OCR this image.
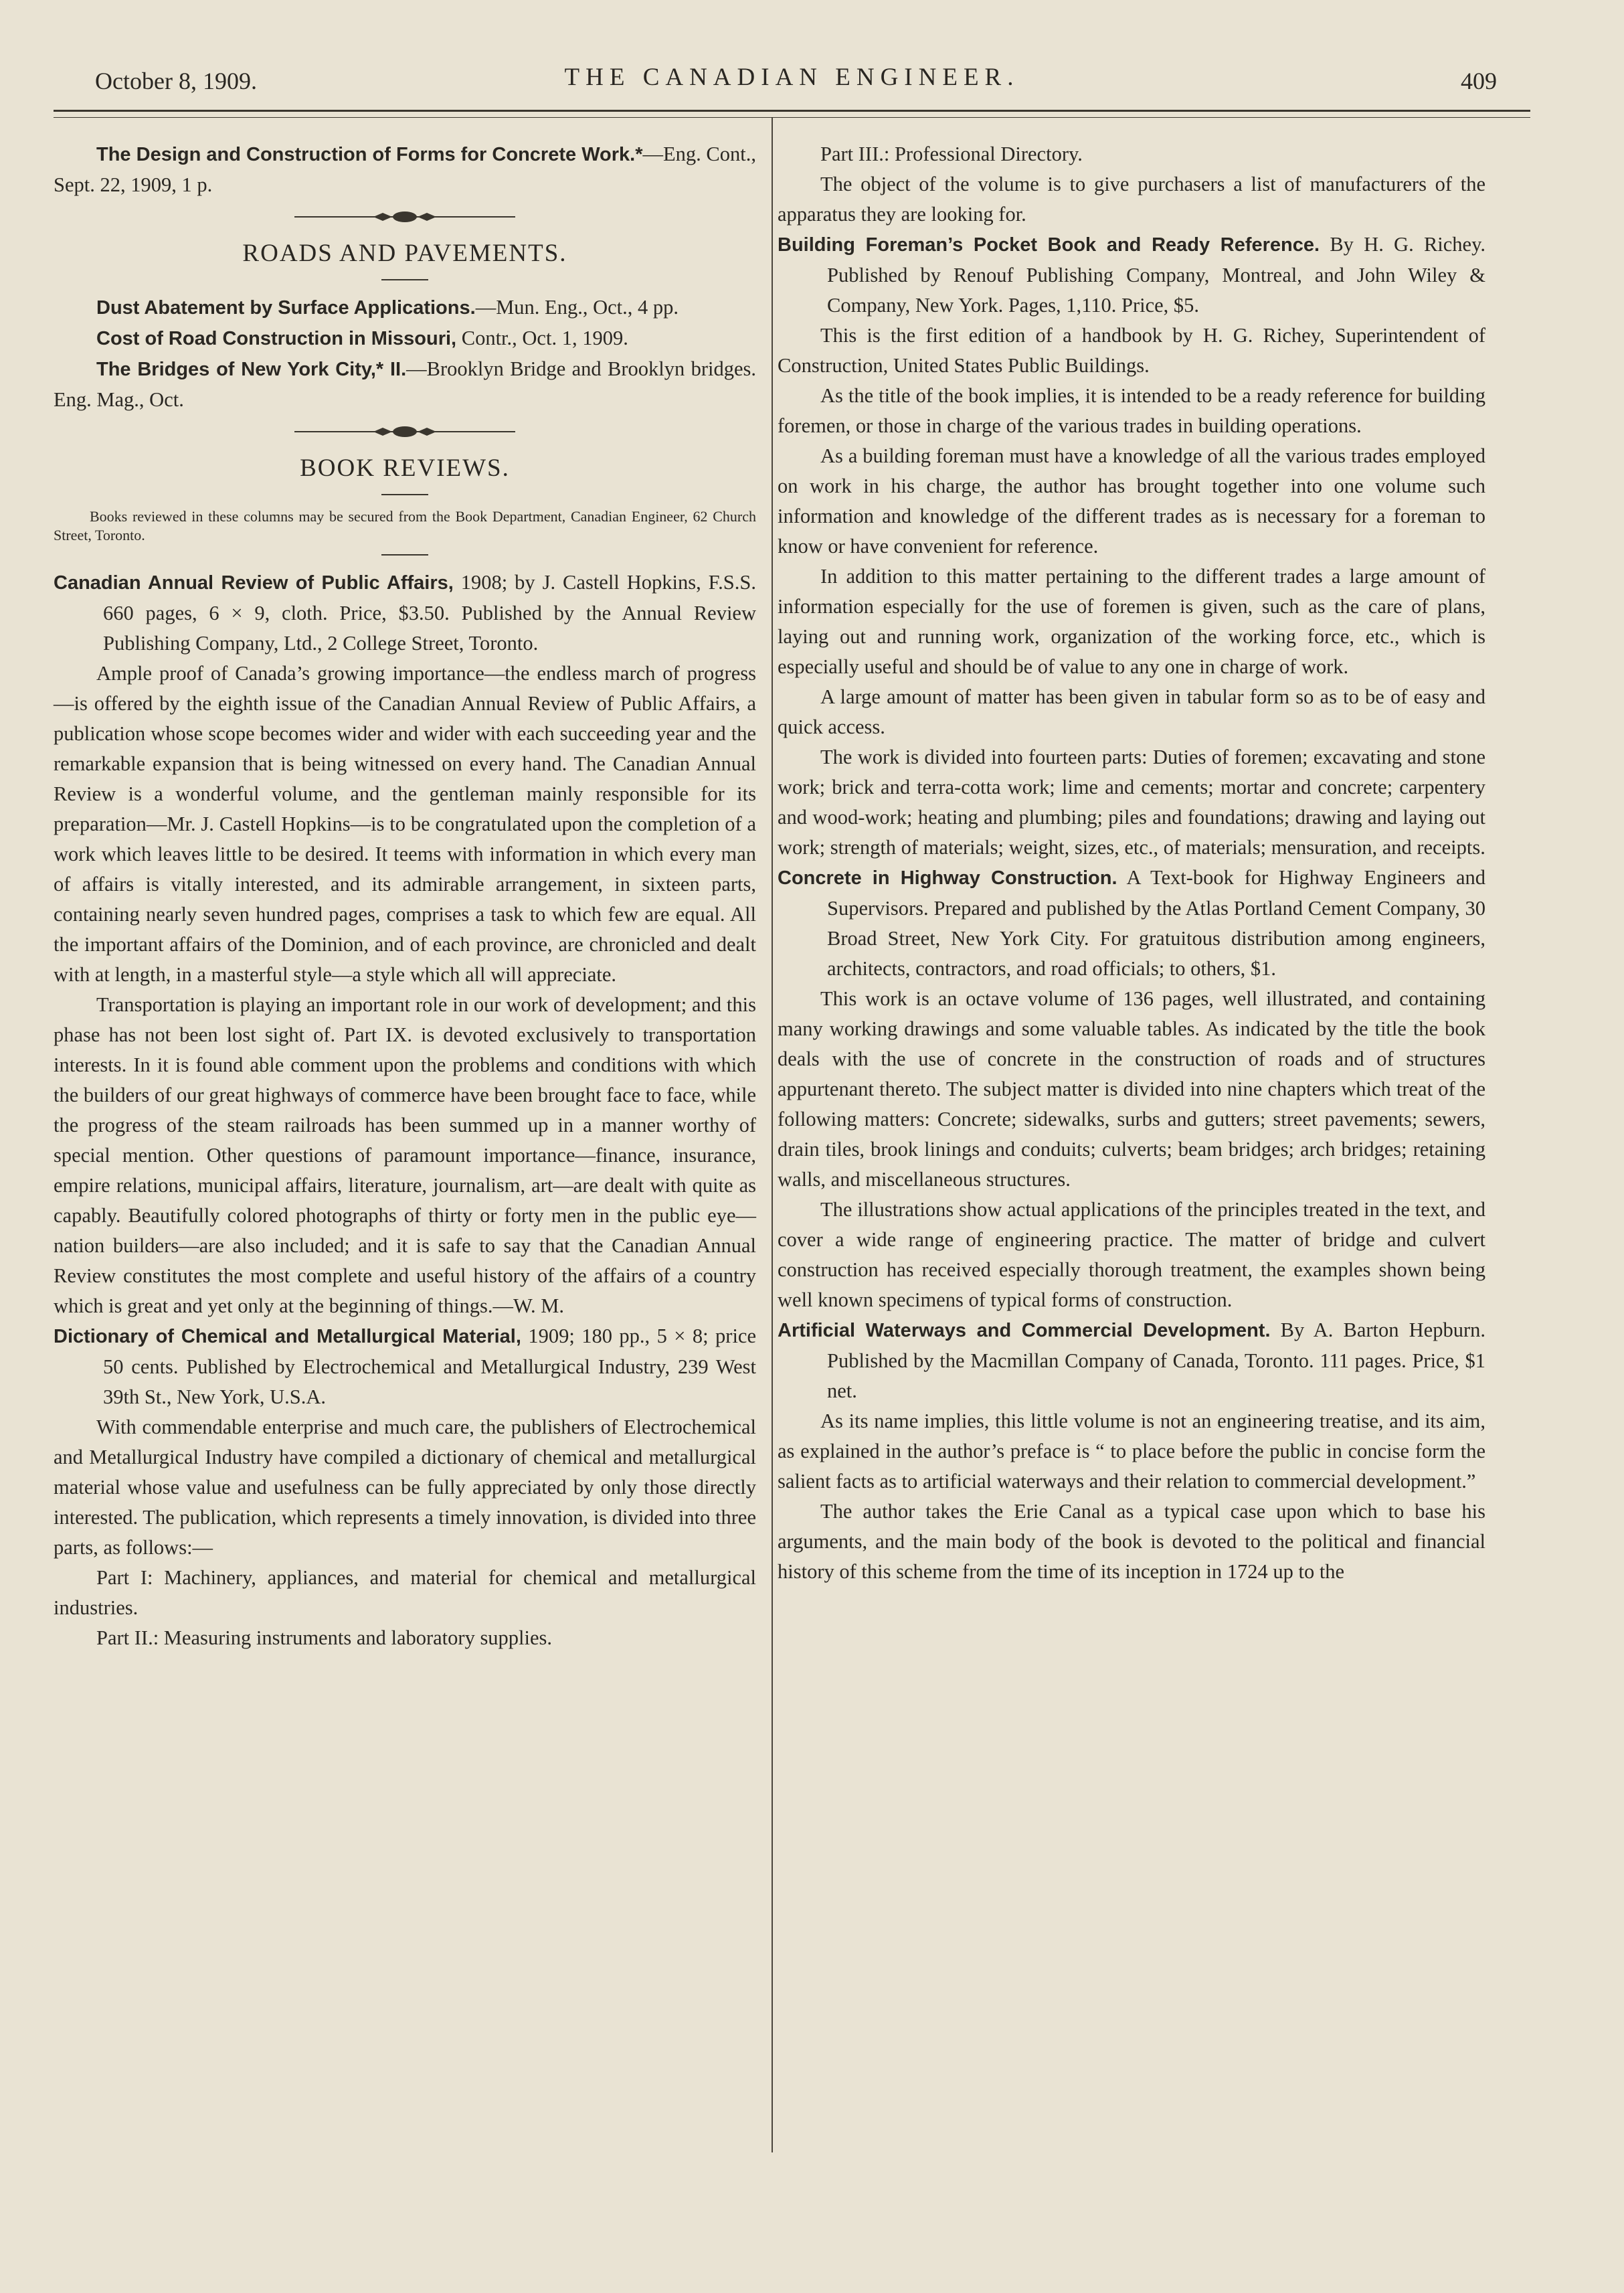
October 8, 1909.	THE CANADIAN ENGINEER.	409

The Design and Construction of Forms for Concrete Work.*—Eng. Cont., Sept. 22, 1909, 1 p.

ROADS AND PAVEMENTS.

Dust Abatement by Surface Applications.—Mun. Eng., Oct., 4 pp.

Cost of Road Construction in Missouri, Contr., Oct. 1, 1909.

The Bridges of New York City,* II.—Brooklyn Bridge and Brooklyn bridges. Eng. Mag., Oct.

BOOK REVIEWS.

Books reviewed in these columns may be secured from the Book Department, Canadian Engineer, 62 Church Street, Toronto.

Canadian Annual Review of Public Affairs, 1908; by J. Castell Hopkins, F.S.S. 660 pages, 6 × 9, cloth. Price, $3.50. Published by the Annual Review Publishing Company, Ltd., 2 College Street, Toronto.

Ample proof of Canada’s growing importance—the endless march of progress—is offered by the eighth issue of the Canadian Annual Review of Public Affairs, a publication whose scope becomes wider and wider with each succeeding year and the remarkable expansion that is being witnessed on every hand. The Canadian Annual Review is a wonderful volume, and the gentleman mainly responsible for its preparation—Mr. J. Castell Hopkins—is to be congratulated upon the completion of a work which leaves little to be desired. It teems with information in which every man of affairs is vitally interested, and its admirable arrangement, in sixteen parts, containing nearly seven hundred pages, comprises a task to which few are equal. All the important affairs of the Dominion, and of each province, are chronicled and dealt with at length, in a masterful style—a style which all will appreciate.

Transportation is playing an important role in our work of development; and this phase has not been lost sight of. Part IX. is devoted exclusively to transportation interests. In it is found able comment upon the problems and conditions with which the builders of our great highways of commerce have been brought face to face, while the progress of the steam railroads has been summed up in a manner worthy of special mention. Other questions of paramount importance—finance, insurance, empire relations, municipal affairs, literature, journalism, art—are dealt with quite as capably. Beautifully colored photographs of thirty or forty men in the public eye—nation builders—are also included; and it is safe to say that the Canadian Annual Review constitutes the most complete and useful history of the affairs of a country which is great and yet only at the beginning of things.—W. M.

Dictionary of Chemical and Metallurgical Material, 1909; 180 pp., 5 × 8; price 50 cents. Published by Electrochemical and Metallurgical Industry, 239 West 39th St., New York, U.S.A.

With commendable enterprise and much care, the publishers of Electrochemical and Metallurgical Industry have compiled a dictionary of chemical and metallurgical material whose value and usefulness can be fully appreciated by only those directly interested. The publication, which represents a timely innovation, is divided into three parts, as follows:—

Part I: Machinery, appliances, and material for chemical and metallurgical industries.

Part II.: Measuring instruments and laboratory supplies.

Part III.: Professional Directory.

The object of the volume is to give purchasers a list of manufacturers of the apparatus they are looking for.

Building Foreman’s Pocket Book and Ready Reference. By H. G. Richey. Published by Renouf Publishing Company, Montreal, and John Wiley & Company, New York. Pages, 1,110. Price, $5.

This is the first edition of a handbook by H. G. Richey, Superintendent of Construction, United States Public Buildings.

As the title of the book implies, it is intended to be a ready reference for building foremen, or those in charge of the various trades in building operations.

As a building foreman must have a knowledge of all the various trades employed on work in his charge, the author has brought together into one volume such information and knowledge of the different trades as is necessary for a foreman to know or have convenient for reference.

In addition to this matter pertaining to the different trades a large amount of information especially for the use of foremen is given, such as the care of plans, laying out and running work, organization of the working force, etc., which is especially useful and should be of value to any one in charge of work.

A large amount of matter has been given in tabular form so as to be of easy and quick access.

The work is divided into fourteen parts: Duties of foremen; excavating and stone work; brick and terra-cotta work; lime and cements; mortar and concrete; carpentery and wood-work; heating and plumbing; piles and foundations; drawing and laying out work; strength of materials; weight, sizes, etc., of materials; mensuration, and receipts.

Concrete in Highway Construction. A Text-book for Highway Engineers and Supervisors. Prepared and published by the Atlas Portland Cement Company, 30 Broad Street, New York City. For gratuitous distribution among engineers, architects, contractors, and road officials; to others, $1.

This work is an octave volume of 136 pages, well illustrated, and containing many working drawings and some valuable tables. As indicated by the title the book deals with the use of concrete in the construction of roads and of structures appurtenant thereto. The subject matter is divided into nine chapters which treat of the following matters: Concrete; sidewalks, surbs and gutters; street pavements; sewers, drain tiles, brook linings and conduits; culverts; beam bridges; arch bridges; retaining walls, and miscellaneous structures.

The illustrations show actual applications of the principles treated in the text, and cover a wide range of engineering practice. The matter of bridge and culvert construction has received especially thorough treatment, the examples shown being well known specimens of typical forms of construction.

Artificial Waterways and Commercial Development. By A. Barton Hepburn. Published by the Macmillan Company of Canada, Toronto. 111 pages. Price, $1 net.

As its name implies, this little volume is not an engineering treatise, and its aim, as explained in the author’s preface is “ to place before the public in concise form the salient facts as to artificial waterways and their relation to commercial development.”

The author takes the Erie Canal as a typical case upon which to base his arguments, and the main body of the book is devoted to the political and financial history of this scheme from the time of its inception in 1724 up to the
